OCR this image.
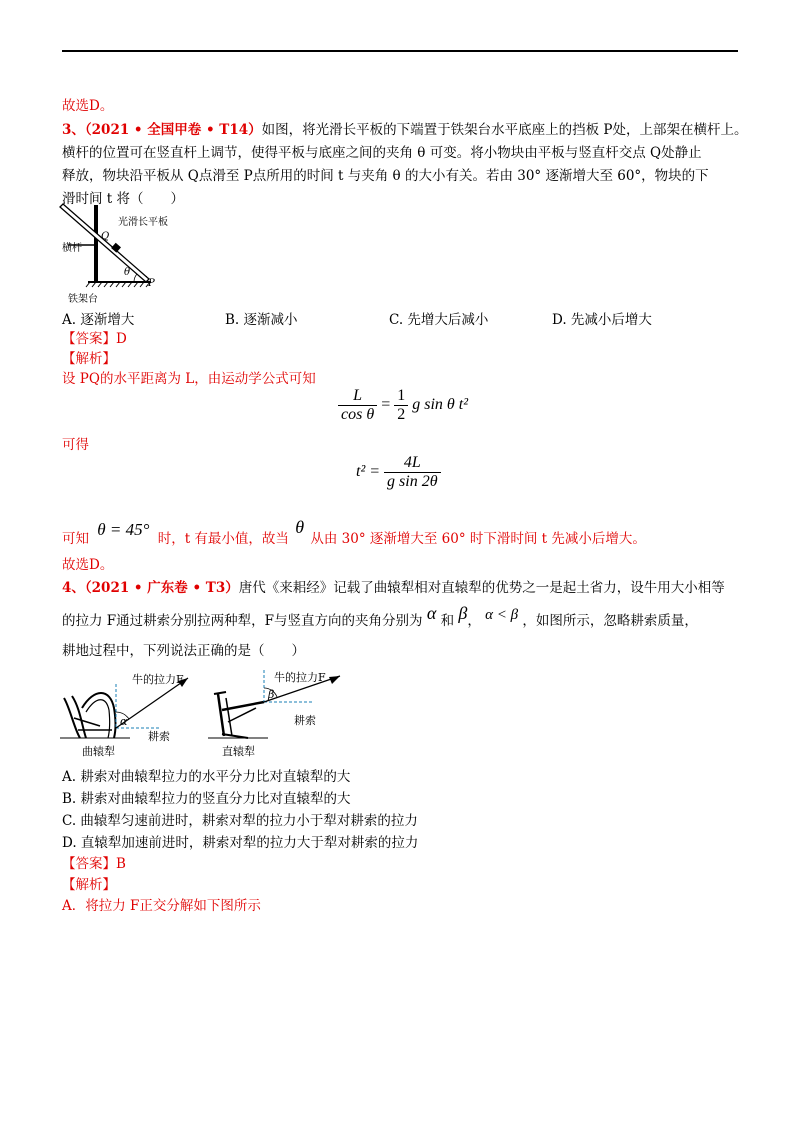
故选D。
3、（2021 • 全国甲卷 • T14）如图，将光滑长平板的下端置于铁架台水平底座上的挡板 P处，上部架在横杆上。
横杆的位置可在竖直杆上调节，使得平板与底座之间的夹角 θ 可变。将小物块由平板与竖直杆交点 Q处静止
释放，物块沿平板从 Q点滑至 P点所用的时间 t 与夹角 θ 的大小有关。若由 30° 逐渐增大至 60°，物块的下
滑时间 t 将（　　）
光滑长平板
Q
横杆
θ
P
铁架台
A. 逐渐增大	B. 逐渐减小	C. 先增大后减小	D. 先减小后增大
【答案】D
【解析】
设 PQ的水平距离为 L，由运动学公式可知
$\frac{L}{\text{cos θ}} = \frac{1}{2}$ g sin θ t²
可得
$t^2 = \frac{4L}{\text{g sin 2θ}}$
可知 θ = 45° 时，t 有最小值，故当 θ 从由 30° 逐渐增大至 60° 时下滑时间 t 先减小后增大。
故选D。
4、（2021 • 广东卷 • T3）唐代《来耜经》记载了曲辕犁相对直辕犁的优势之一是起土省力，设牛用大小相等
的拉力 F通过耕索分别拉两种犁，F与竖直方向的夹角分别为 α 和 β， α < β ，如图所示，忽略耕索质量，
耕地过程中，下列说法正确的是（　　）
牛的拉力F
α
耕索
曲辕犁
牛的拉力F
β
耕索
直辕犁
A. 耕索对曲辕犁拉力的水平分力比对直辕犁的大
B. 耕索对曲辕犁拉力的竖直分力比对直辕犁的大
C. 曲辕犁匀速前进时，耕索对犁的拉力小于犁对耕索的拉力
D. 直辕犁加速前进时，耕索对犁的拉力大于犁对耕索的拉力
【答案】B
【解析】
A．将拉力 F正交分解如下图所示
